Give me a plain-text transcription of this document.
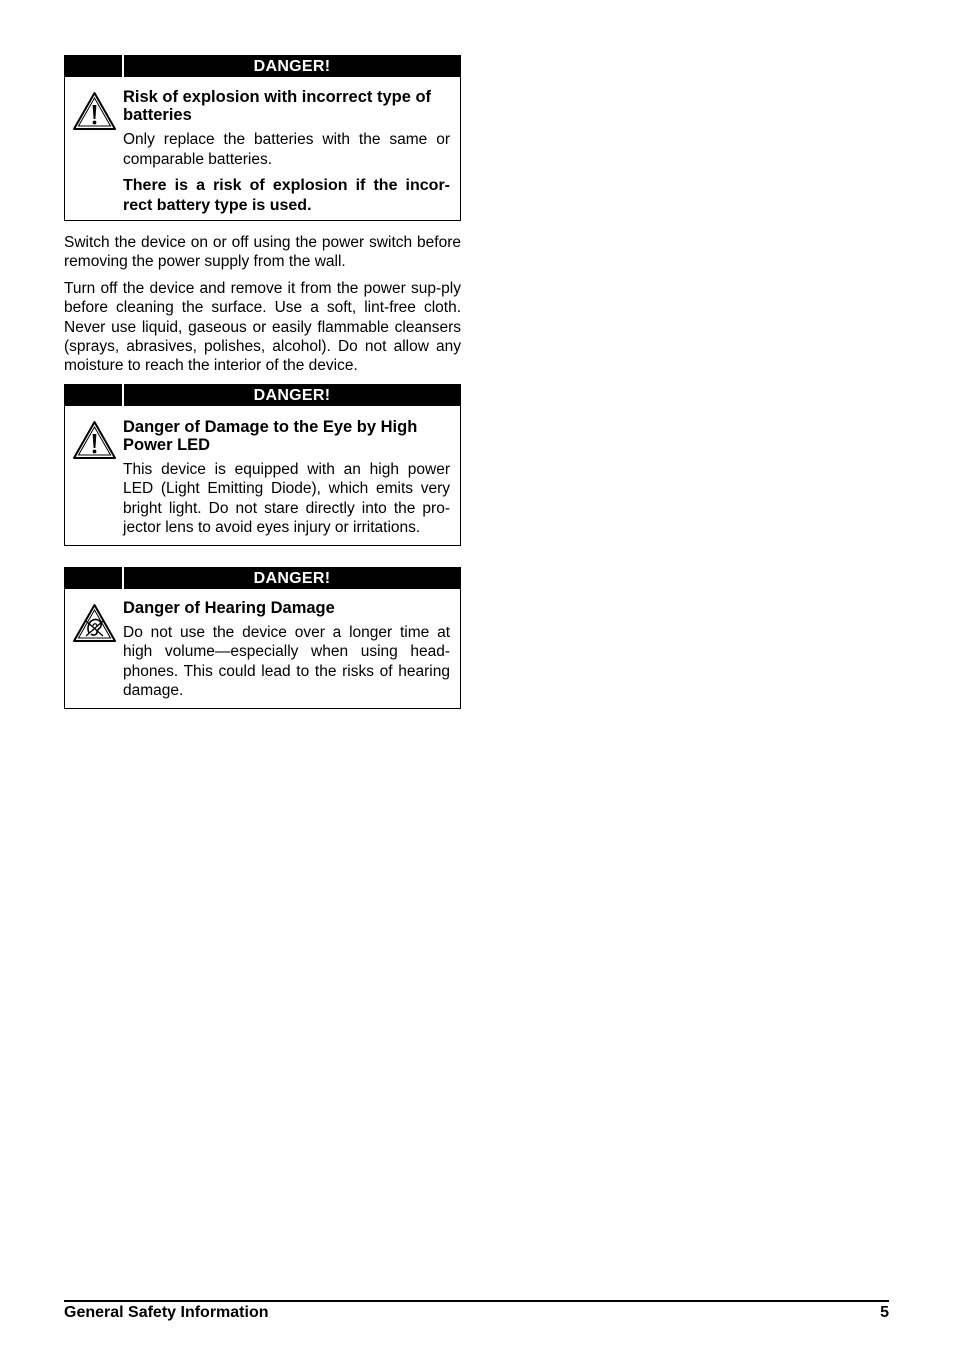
DANGER!

Risk of explosion with incorrect type of batteries

Only replace the batteries with the same or comparable batteries.

There is a risk of explosion if the incor-rect battery type is used.

Switch the device on or off using the power switch before removing the power supply from the wall.

Turn off the device and remove it from the power sup-ply before cleaning the surface. Use a soft, lint-free cloth. Never use liquid, gaseous or easily flammable cleansers (sprays, abrasives, polishes, alcohol). Do not allow any moisture to reach the interior of the device.

DANGER!

Danger of Damage to the Eye by High Power LED

This device is equipped with an high power LED (Light Emitting Diode), which emits very bright light. Do not stare directly into the pro-jector lens to avoid eyes injury or irritations.

DANGER!

Danger of Hearing Damage

Do not use the device over a longer time at high volume—especially when using head-phones. This could lead to the risks of hearing damage.

General Safety Information	5
